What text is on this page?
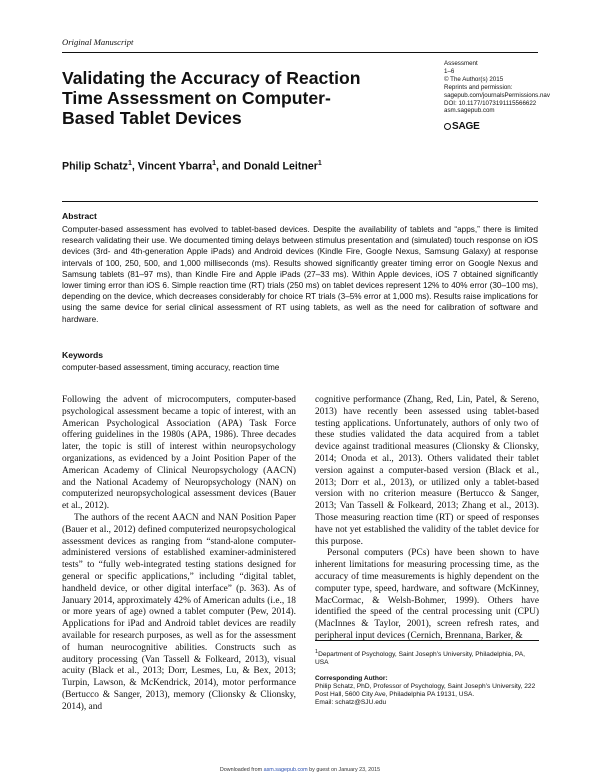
Original Manuscript
Validating the Accuracy of Reaction Time Assessment on Computer-Based Tablet Devices
Assessment
1–6
© The Author(s) 2015
Reprints and permission:
sagepub.com/journalsPermissions.nav
DOI: 10.1177/1073191115566622
asm.sagepub.com
SAGE
Philip Schatz$^1$, Vincent Ybarra$^1$, and Donald Leitner$^1$
Abstract

Computer-based assessment has evolved to tablet-based devices. Despite the availability of tablets and “apps,” there is limited research validating their use. We documented timing delays between stimulus presentation and (simulated) touch response on iOS devices (3rd- and 4th-generation Apple iPads) and Android devices (Kindle Fire, Google Nexus, Samsung Galaxy) at response intervals of 100, 250, 500, and 1,000 milliseconds (ms). Results showed significantly greater timing error on Google Nexus and Samsung tablets (81–97 ms), than Kindle Fire and Apple iPads (27–33 ms). Within Apple devices, iOS 7 obtained significantly lower timing error than iOS 6. Simple reaction time (RT) trials (250 ms) on tablet devices represent 12% to 40% error (30–100 ms), depending on the device, which decreases considerably for choice RT trials (3–5% error at 1,000 ms). Results raise implications for using the same device for serial clinical assessment of RT using tablets, as well as the need for calibration of software and hardware.

Keywords
computer-based assessment, timing accuracy, reaction time

Following the advent of microcomputers, computer-based psychological assessment became a topic of interest, with an American Psychological Association (APA) Task Force offering guidelines in the 1980s (APA, 1986). Three decades later, the topic is still of interest within neuropsychology organizations, as evidenced by a Joint Position Paper of the American Academy of Clinical Neuropsychology (AACN) and the National Academy of Neuropsychology (NAN) on computerized neuropsychological assessment devices (Bauer et al., 2012).

The authors of the recent AACN and NAN Position Paper (Bauer et al., 2012) defined computerized neuropsychological assessment devices as ranging from “stand-alone computer-administered versions of established examiner-administered tests” to “fully web-integrated testing stations designed for general or specific applications,” including “digital tablet, handheld device, or other digital interface” (p. 363). As of January 2014, approximately 42% of American adults (i.e., 18 or more years of age) owned a tablet computer (Pew, 2014). Applications for iPad and Android tablet devices are readily available for research purposes, as well as for the assessment of human neurocognitive abilities. Constructs such as auditory processing (Van Tassell & Folkeard, 2013), visual acuity (Black et al., 2013; Dorr, Lesmes, Lu, & Bex, 2013; Turpin, Lawson, & McKendrick, 2014), motor performance (Bertucco & Sanger, 2013), memory (Clionsky & Clionsky, 2014), and

cognitive performance (Zhang, Red, Lin, Patel, & Sereno, 2013) have recently been assessed using tablet-based testing applications. Unfortunately, authors of only two of these studies validated the data acquired from a tablet device against traditional measures (Clionsky & Clionsky, 2014; Onoda et al., 2013). Others validated their tablet version against a computer-based version (Black et al., 2013; Dorr et al., 2013), or utilized only a tablet-based version with no criterion measure (Bertucco & Sanger, 2013; Van Tassell & Folkeard, 2013; Zhang et al., 2013). Those measuring reaction time (RT) or speed of responses have not yet established the validity of the tablet device for this purpose.

Personal computers (PCs) have been shown to have inherent limitations for measuring processing time, as the accuracy of time measurements is highly dependent on the computer type, speed, hardware, and software (McKinney, MacCormac, & Welsh-Bohmer, 1999). Others have identified the speed of the central processing unit (CPU) (MacInnes & Taylor, 2001), screen refresh rates, and peripheral input devices (Cernich, Brennana, Barker, &

$^1$Department of Psychology, Saint Joseph’s University, Philadelphia, PA, USA
Corresponding Author:
Philip Schatz, PhD, Professor of Psychology, Saint Joseph’s University, 222 Post Hall, 5600 City Ave, Philadelphia PA 19131, USA.
Email: schatz@SJU.edu
Downloaded from asm.sagepub.com by guest on January 23, 2015
